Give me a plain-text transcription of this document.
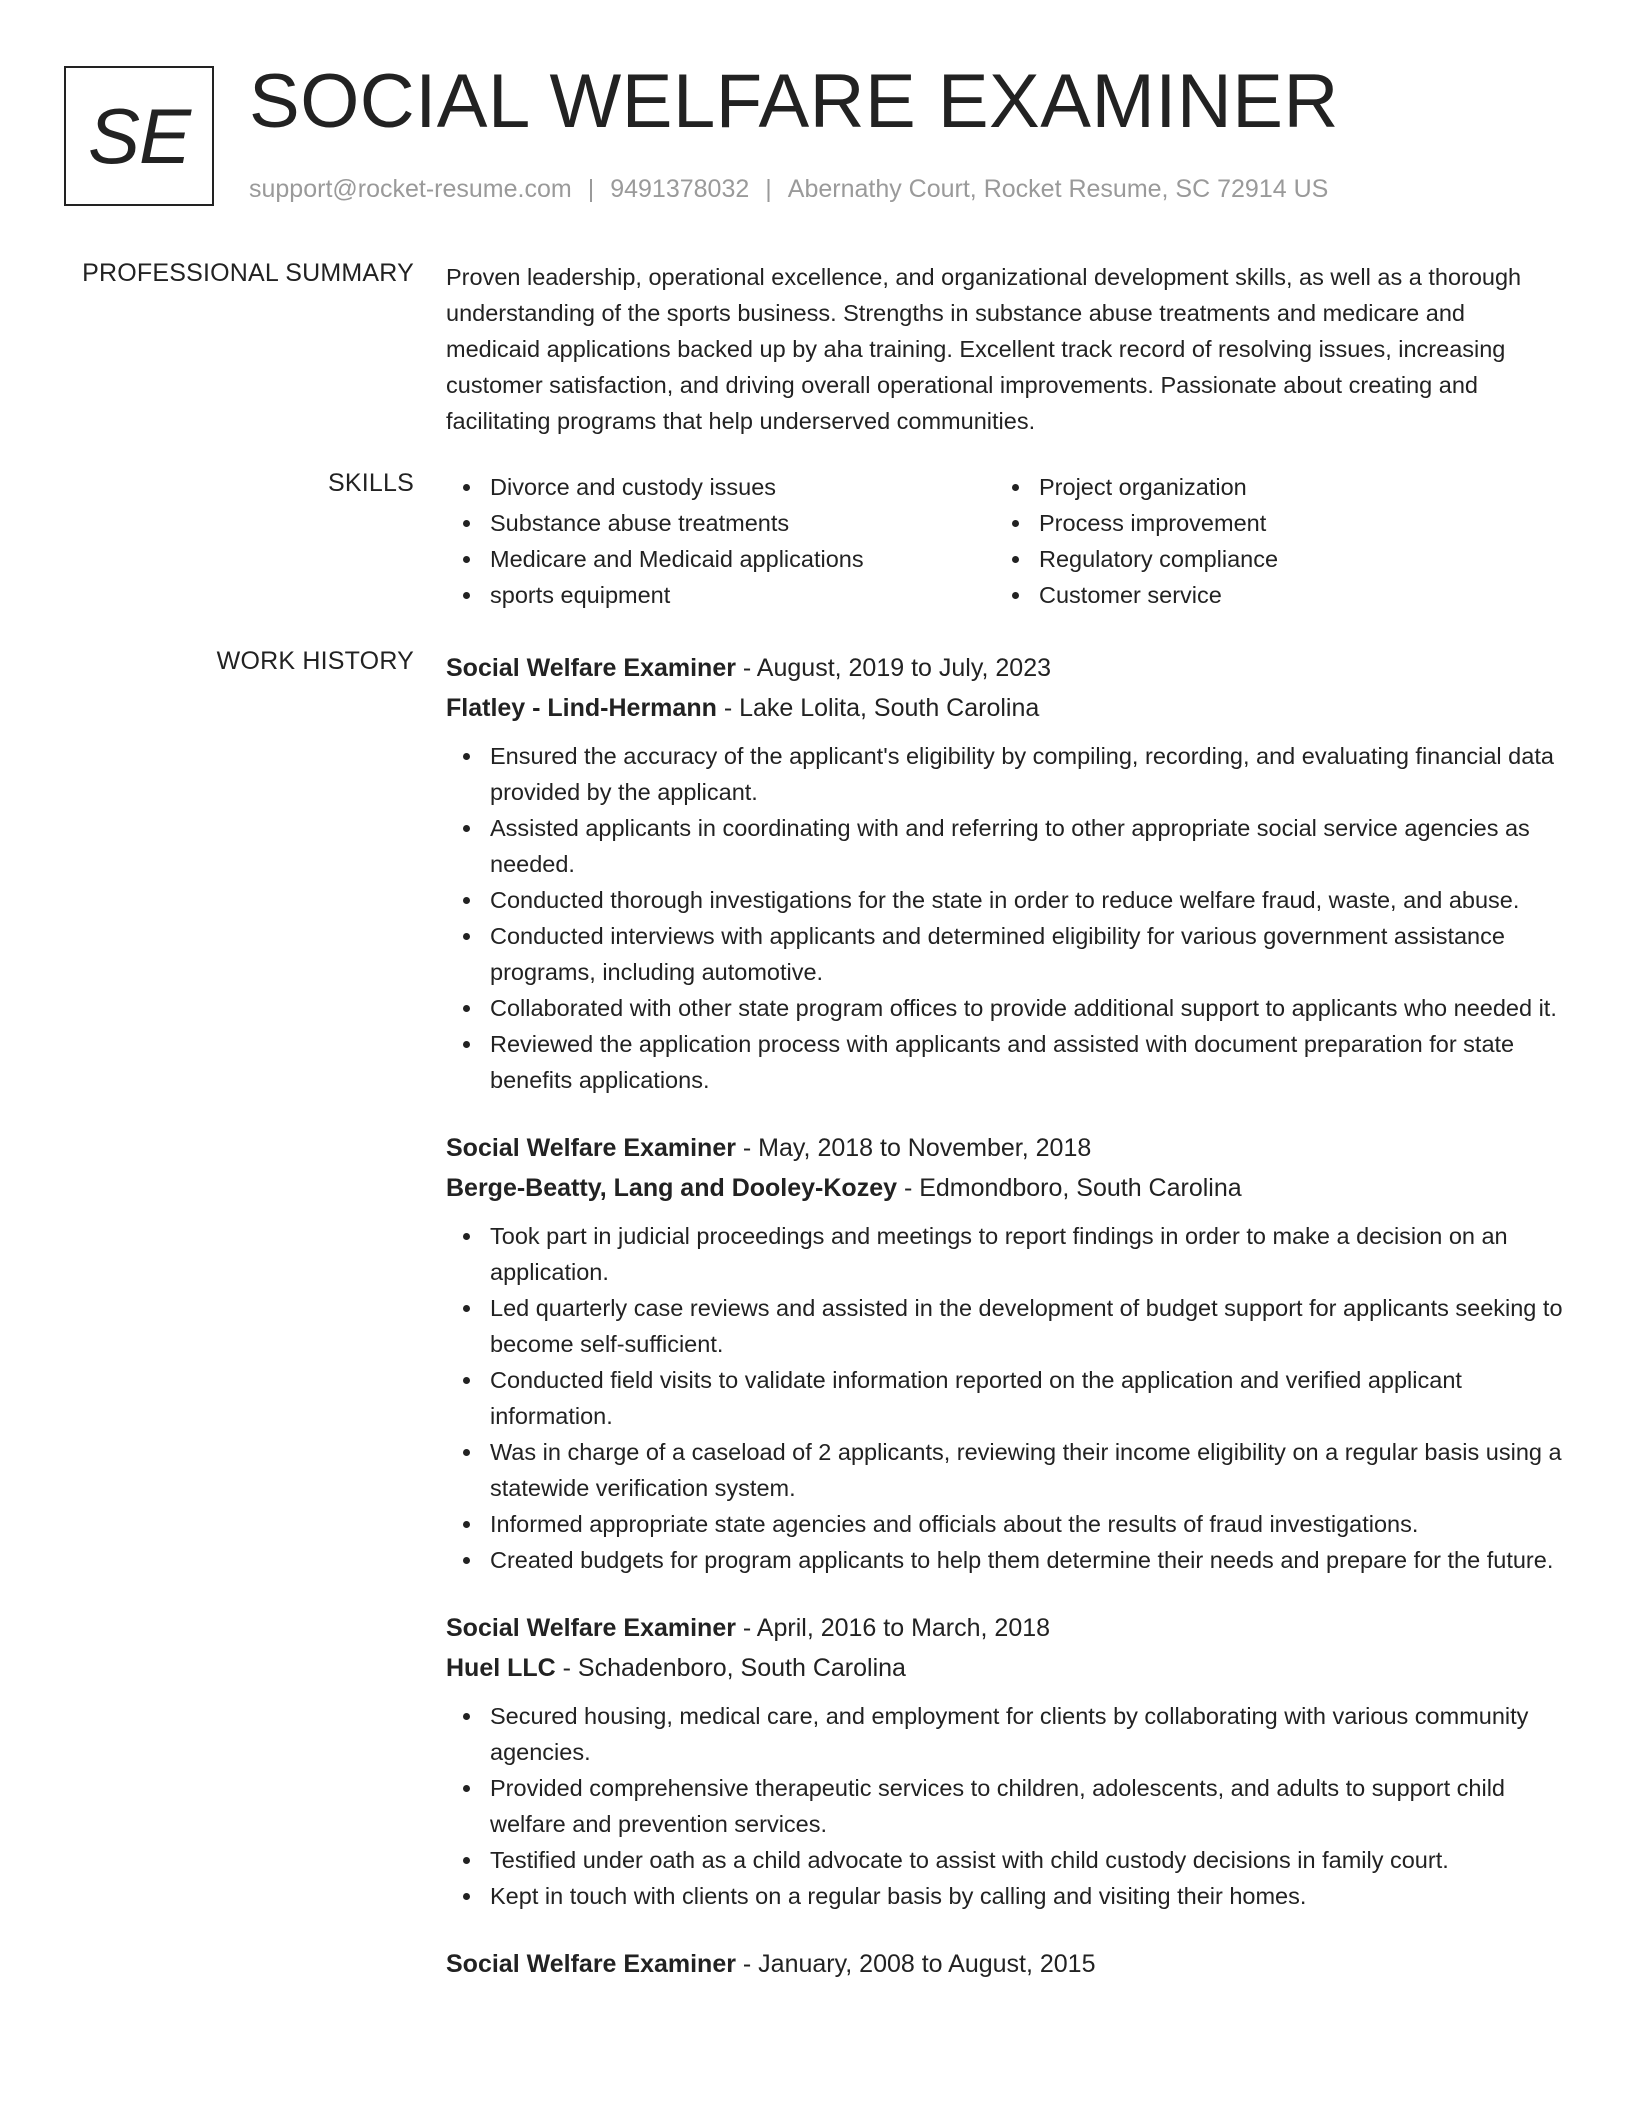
SE SOCIAL WELFARE EXAMINER
support@rocket-resume.com | 9491378032 | Abernathy Court, Rocket Resume, SC 72914 US
PROFESSIONAL SUMMARY Proven leadership, operational excellence, and organizational development skills, as well as a thorough understanding of the sports business. Strengths in substance abuse treatments and medicare and medicaid applications backed up by aha training. Excellent track record of resolving issues, increasing customer satisfaction, and driving overall operational improvements. Passionate about creating and facilitating programs that help underserved communities.
SKILLS	Divorce and custody issues
Substance abuse treatments
Medicare and Medicaid applications
sports equipment
Project organization
Process improvement
Regulatory compliance
Customer service
WORK HISTORY Social Welfare Examiner - August, 2019 to July, 2023
Flatley - Lind-Hermann - Lake Lolita, South Carolina
Ensured the accuracy of the applicant's eligibility by compiling, recording, and evaluating financial data provided by the applicant.
Assisted applicants in coordinating with and referring to other appropriate social service agencies as needed.
Conducted thorough investigations for the state in order to reduce welfare fraud, waste, and abuse.
Conducted interviews with applicants and determined eligibility for various government assistance programs, including automotive.
Collaborated with other state program offices to provide additional support to applicants who needed it.
Reviewed the application process with applicants and assisted with document preparation for state benefits applications.
Social Welfare Examiner - May, 2018 to November, 2018
Berge-Beatty, Lang and Dooley-Kozey - Edmondboro, South Carolina
Took part in judicial proceedings and meetings to report findings in order to make a decision on an application.
Led quarterly case reviews and assisted in the development of budget support for applicants seeking to become self-sufficient.
Conducted field visits to validate information reported on the application and verified applicant information.
Was in charge of a caseload of 2 applicants, reviewing their income eligibility on a regular basis using a statewide verification system.
Informed appropriate state agencies and officials about the results of fraud investigations.
Created budgets for program applicants to help them determine their needs and prepare for the future.
Social Welfare Examiner - April, 2016 to March, 2018
Huel LLC - Schadenboro, South Carolina
Secured housing, medical care, and employment for clients by collaborating with various community agencies.
Provided comprehensive therapeutic services to children, adolescents, and adults to support child welfare and prevention services.
Testified under oath as a child advocate to assist with child custody decisions in family court.
Kept in touch with clients on a regular basis by calling and visiting their homes.
Social Welfare Examiner - January, 2008 to August, 2015
